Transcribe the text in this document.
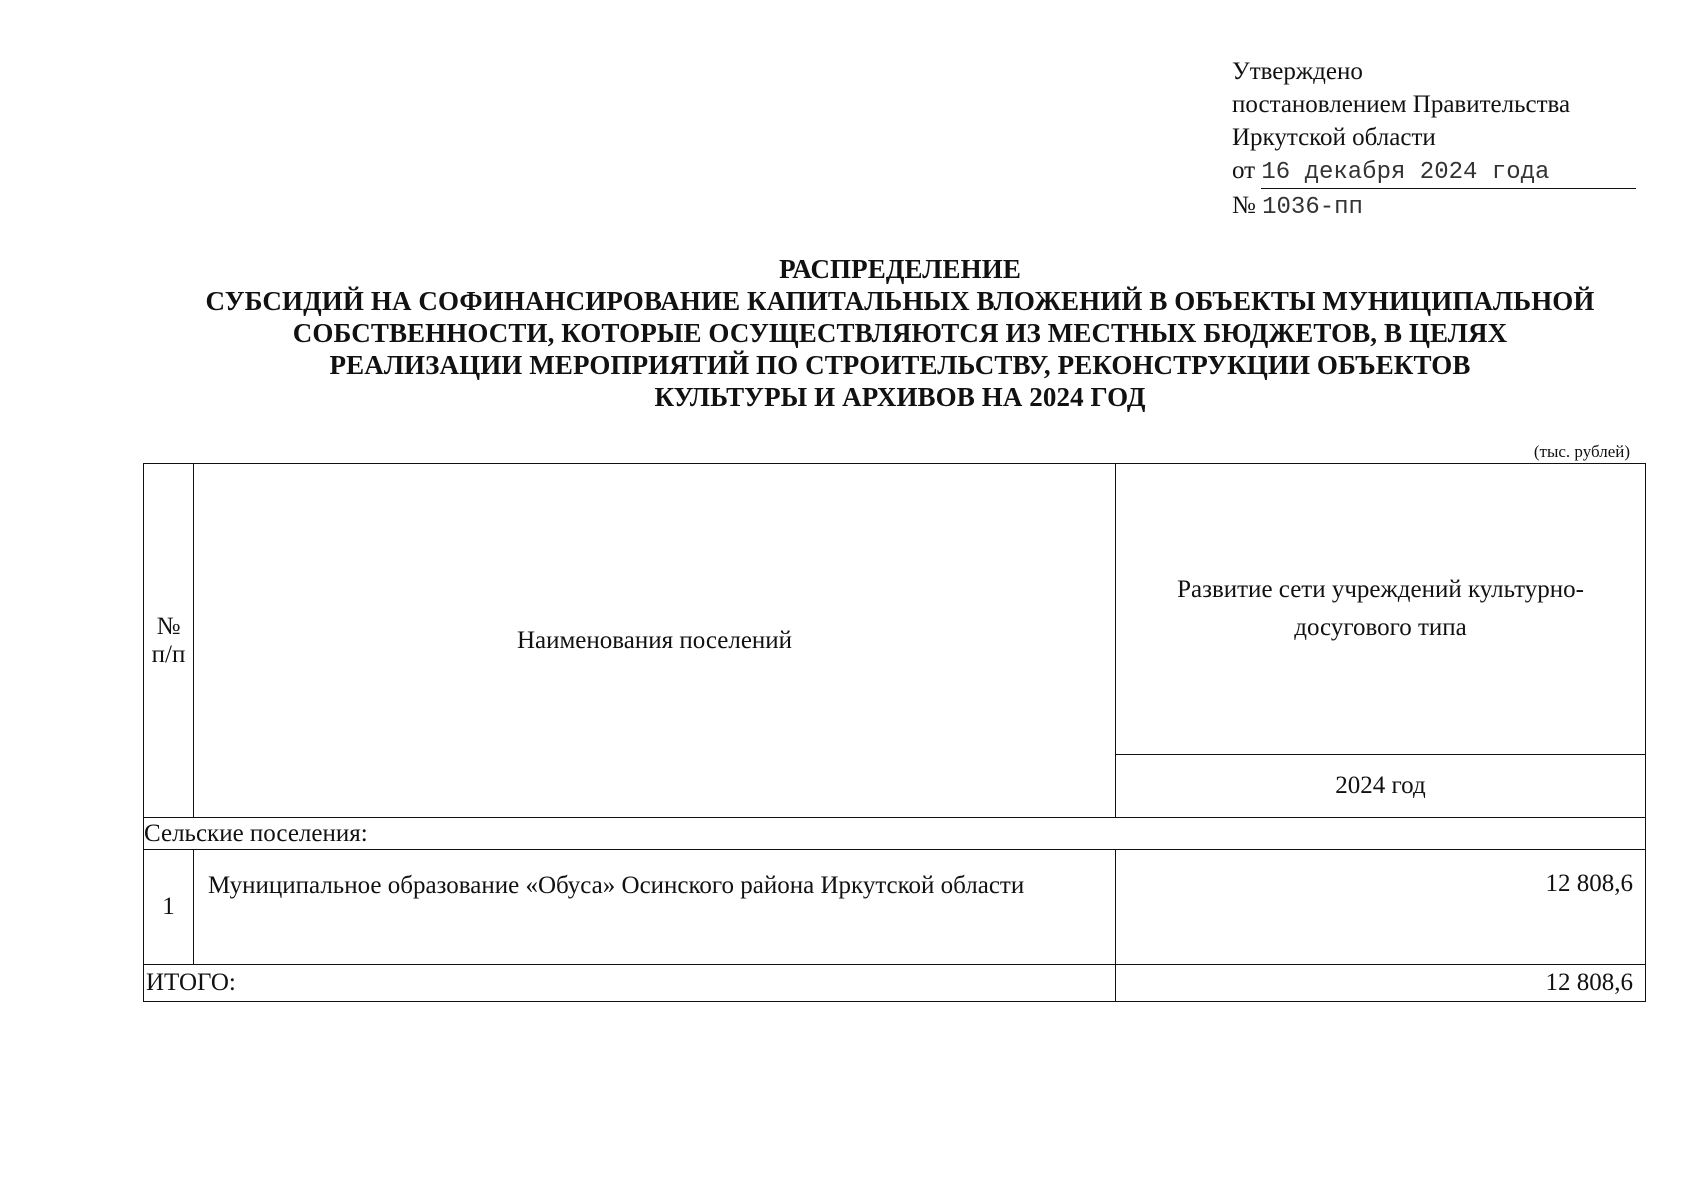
Утверждено
постановлением Правительства
Иркутской области
от 16 декабря 2024 года
№ 1036-пп
РАСПРЕДЕЛЕНИЕ
СУБСИДИЙ НА СОФИНАНСИРОВАНИЕ КАПИТАЛЬНЫХ ВЛОЖЕНИЙ В ОБЪЕКТЫ МУНИЦИПАЛЬНОЙ
СОБСТВЕННОСТИ, КОТОРЫЕ ОСУЩЕСТВЛЯЮТСЯ ИЗ МЕСТНЫХ БЮДЖЕТОВ, В ЦЕЛЯХ
РЕАЛИЗАЦИИ МЕРОПРИЯТИЙ ПО СТРОИТЕЛЬСТВУ, РЕКОНСТРУКЦИИ ОБЪЕКТОВ
КУЛЬТУРЫ И АРХИВОВ НА 2024 ГОД
(тыс. рублей)
№ п/п	Наименования поселений	Развитие сети учреждений культурно-досугового типа
		2024 год
Сельские поселения:		
1	Муниципальное образование «Обуса» Осинского района Иркутской области	12 808,6
ИТОГО:		12 808,6
